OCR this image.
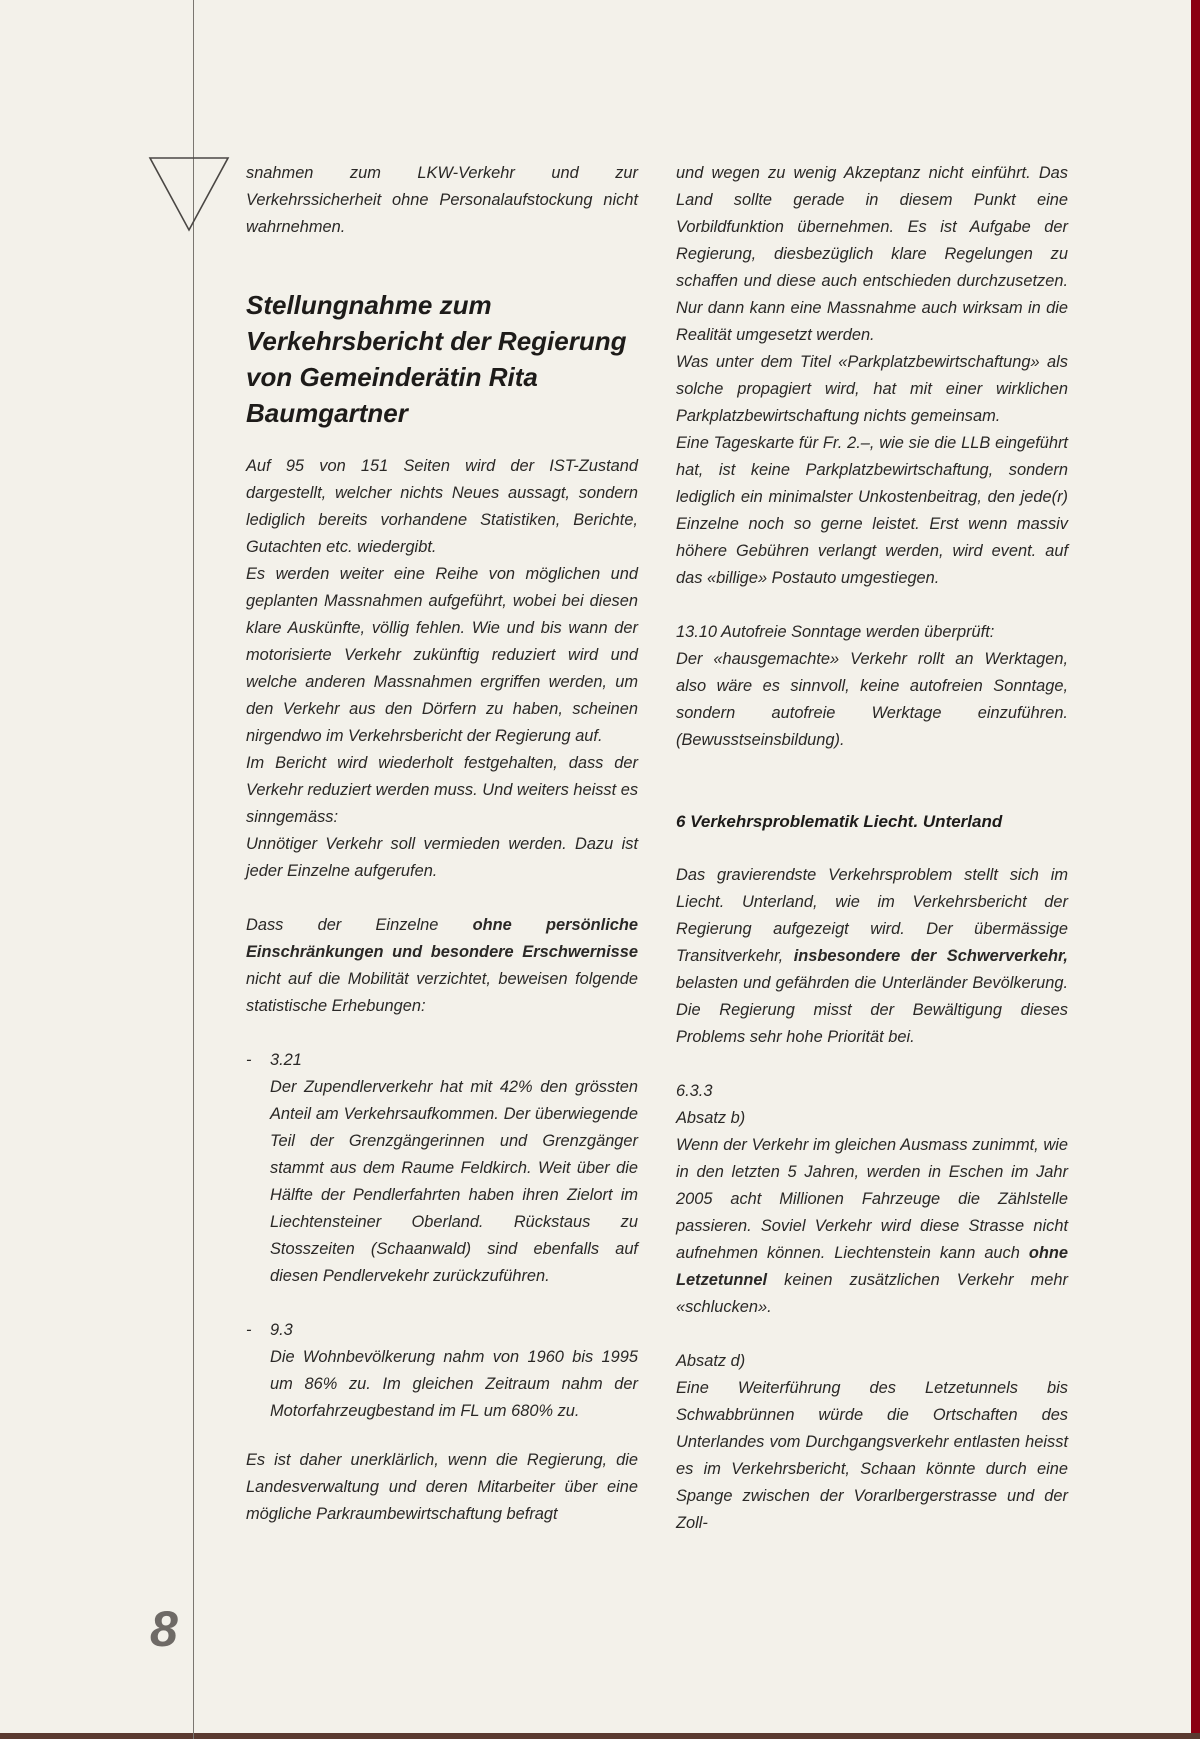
8

snahmen zum LKW-Verkehr und zur Verkehrssicherheit ohne Personalaufstockung nicht wahrnehmen.

Stellungnahme zum Verkehrsbericht der Regierung von Gemeinderätin Rita Baumgartner

Auf 95 von 151 Seiten wird der IST-Zustand dargestellt, welcher nichts Neues aussagt, sondern lediglich bereits vorhandene Statistiken, Berichte, Gutachten etc. wiedergibt.

Es werden weiter eine Reihe von möglichen und geplanten Massnahmen aufgeführt, wobei bei diesen klare Auskünfte, völlig fehlen. Wie und bis wann der motorisierte Verkehr zukünftig reduziert wird und welche anderen Massnahmen ergriffen werden, um den Verkehr aus den Dörfern zu haben, scheinen nirgendwo im Verkehrsbericht der Regierung auf.

Im Bericht wird wiederholt festgehalten, dass der Verkehr reduziert werden muss. Und weiters heisst es sinngemäss:

Unnötiger Verkehr soll vermieden werden. Dazu ist jeder Einzelne aufgerufen.

Dass der Einzelne ohne persönliche Einschränkungen und besondere Erschwernisse nicht auf die Mobilität verzichtet, beweisen folgende statistische Erhebungen:

- 3.21

Der Zupendlerverkehr hat mit 42% den grössten Anteil am Verkehrsaufkommen. Der überwiegende Teil der Grenzgängerinnen und Grenzgänger stammt aus dem Raume Feldkirch. Weit über die Hälfte der Pendlerfahrten haben ihren Zielort im Liechtensteiner Oberland. Rückstaus zu Stosszeiten (Schaanwald) sind ebenfalls auf diesen Pendlervekehr zurückzuführen.

- 9.3

Die Wohnbevölkerung nahm von 1960 bis 1995 um 86% zu. Im gleichen Zeitraum nahm der Motorfahrzeugbestand im FL um 680% zu.

Es ist daher unerklärlich, wenn die Regierung, die Landesverwaltung und deren Mitarbeiter über eine mögliche Parkraumbewirtschaftung befragt

und wegen zu wenig Akzeptanz nicht einführt. Das Land sollte gerade in diesem Punkt eine Vorbildfunktion übernehmen. Es ist Aufgabe der Regierung, diesbezüglich klare Regelungen zu schaffen und diese auch entschieden durchzusetzen. Nur dann kann eine Massnahme auch wirksam in die Realität umgesetzt werden.

Was unter dem Titel «Parkplatzbewirtschaftung» als solche propagiert wird, hat mit einer wirklichen Parkplatzbewirtschaftung nichts gemeinsam.

Eine Tageskarte für Fr. 2.–, wie sie die LLB eingeführt hat, ist keine Parkplatzbewirtschaftung, sondern lediglich ein minimalster Unkostenbeitrag, den jede(r) Einzelne noch so gerne leistet. Erst wenn massiv höhere Gebühren verlangt werden, wird event. auf das «billige» Postauto umgestiegen.

13.10 Autofreie Sonntage werden überprüft:

Der «hausgemachte» Verkehr rollt an Werktagen, also wäre es sinnvoll, keine autofreien Sonntage, sondern autofreie Werktage einzuführen. (Bewusstseinsbildung).

6 Verkehrsproblematik Liecht. Unterland

Das gravierendste Verkehrsproblem stellt sich im Liecht. Unterland, wie im Verkehrsbericht der Regierung aufgezeigt wird. Der übermässige Transitverkehr, insbesondere der Schwerverkehr, belasten und gefährden die Unterländer Bevölkerung. Die Regierung misst der Bewältigung dieses Problems sehr hohe Priorität bei.

6.3.3

Absatz b)

Wenn der Verkehr im gleichen Ausmass zunimmt, wie in den letzten 5 Jahren, werden in Eschen im Jahr 2005 acht Millionen Fahrzeuge die Zählstelle passieren. Soviel Verkehr wird diese Strasse nicht aufnehmen können. Liechtenstein kann auch ohne Letzetunnel keinen zusätzlichen Verkehr mehr «schlucken».

Absatz d)

Eine Weiterführung des Letzetunnels bis Schwabbrünnen würde die Ortschaften des Unterlandes vom Durchgangsverkehr entlasten heisst es im Verkehrsbericht, Schaan könnte durch eine Spange zwischen der Vorarlbergerstrasse und der Zoll-
